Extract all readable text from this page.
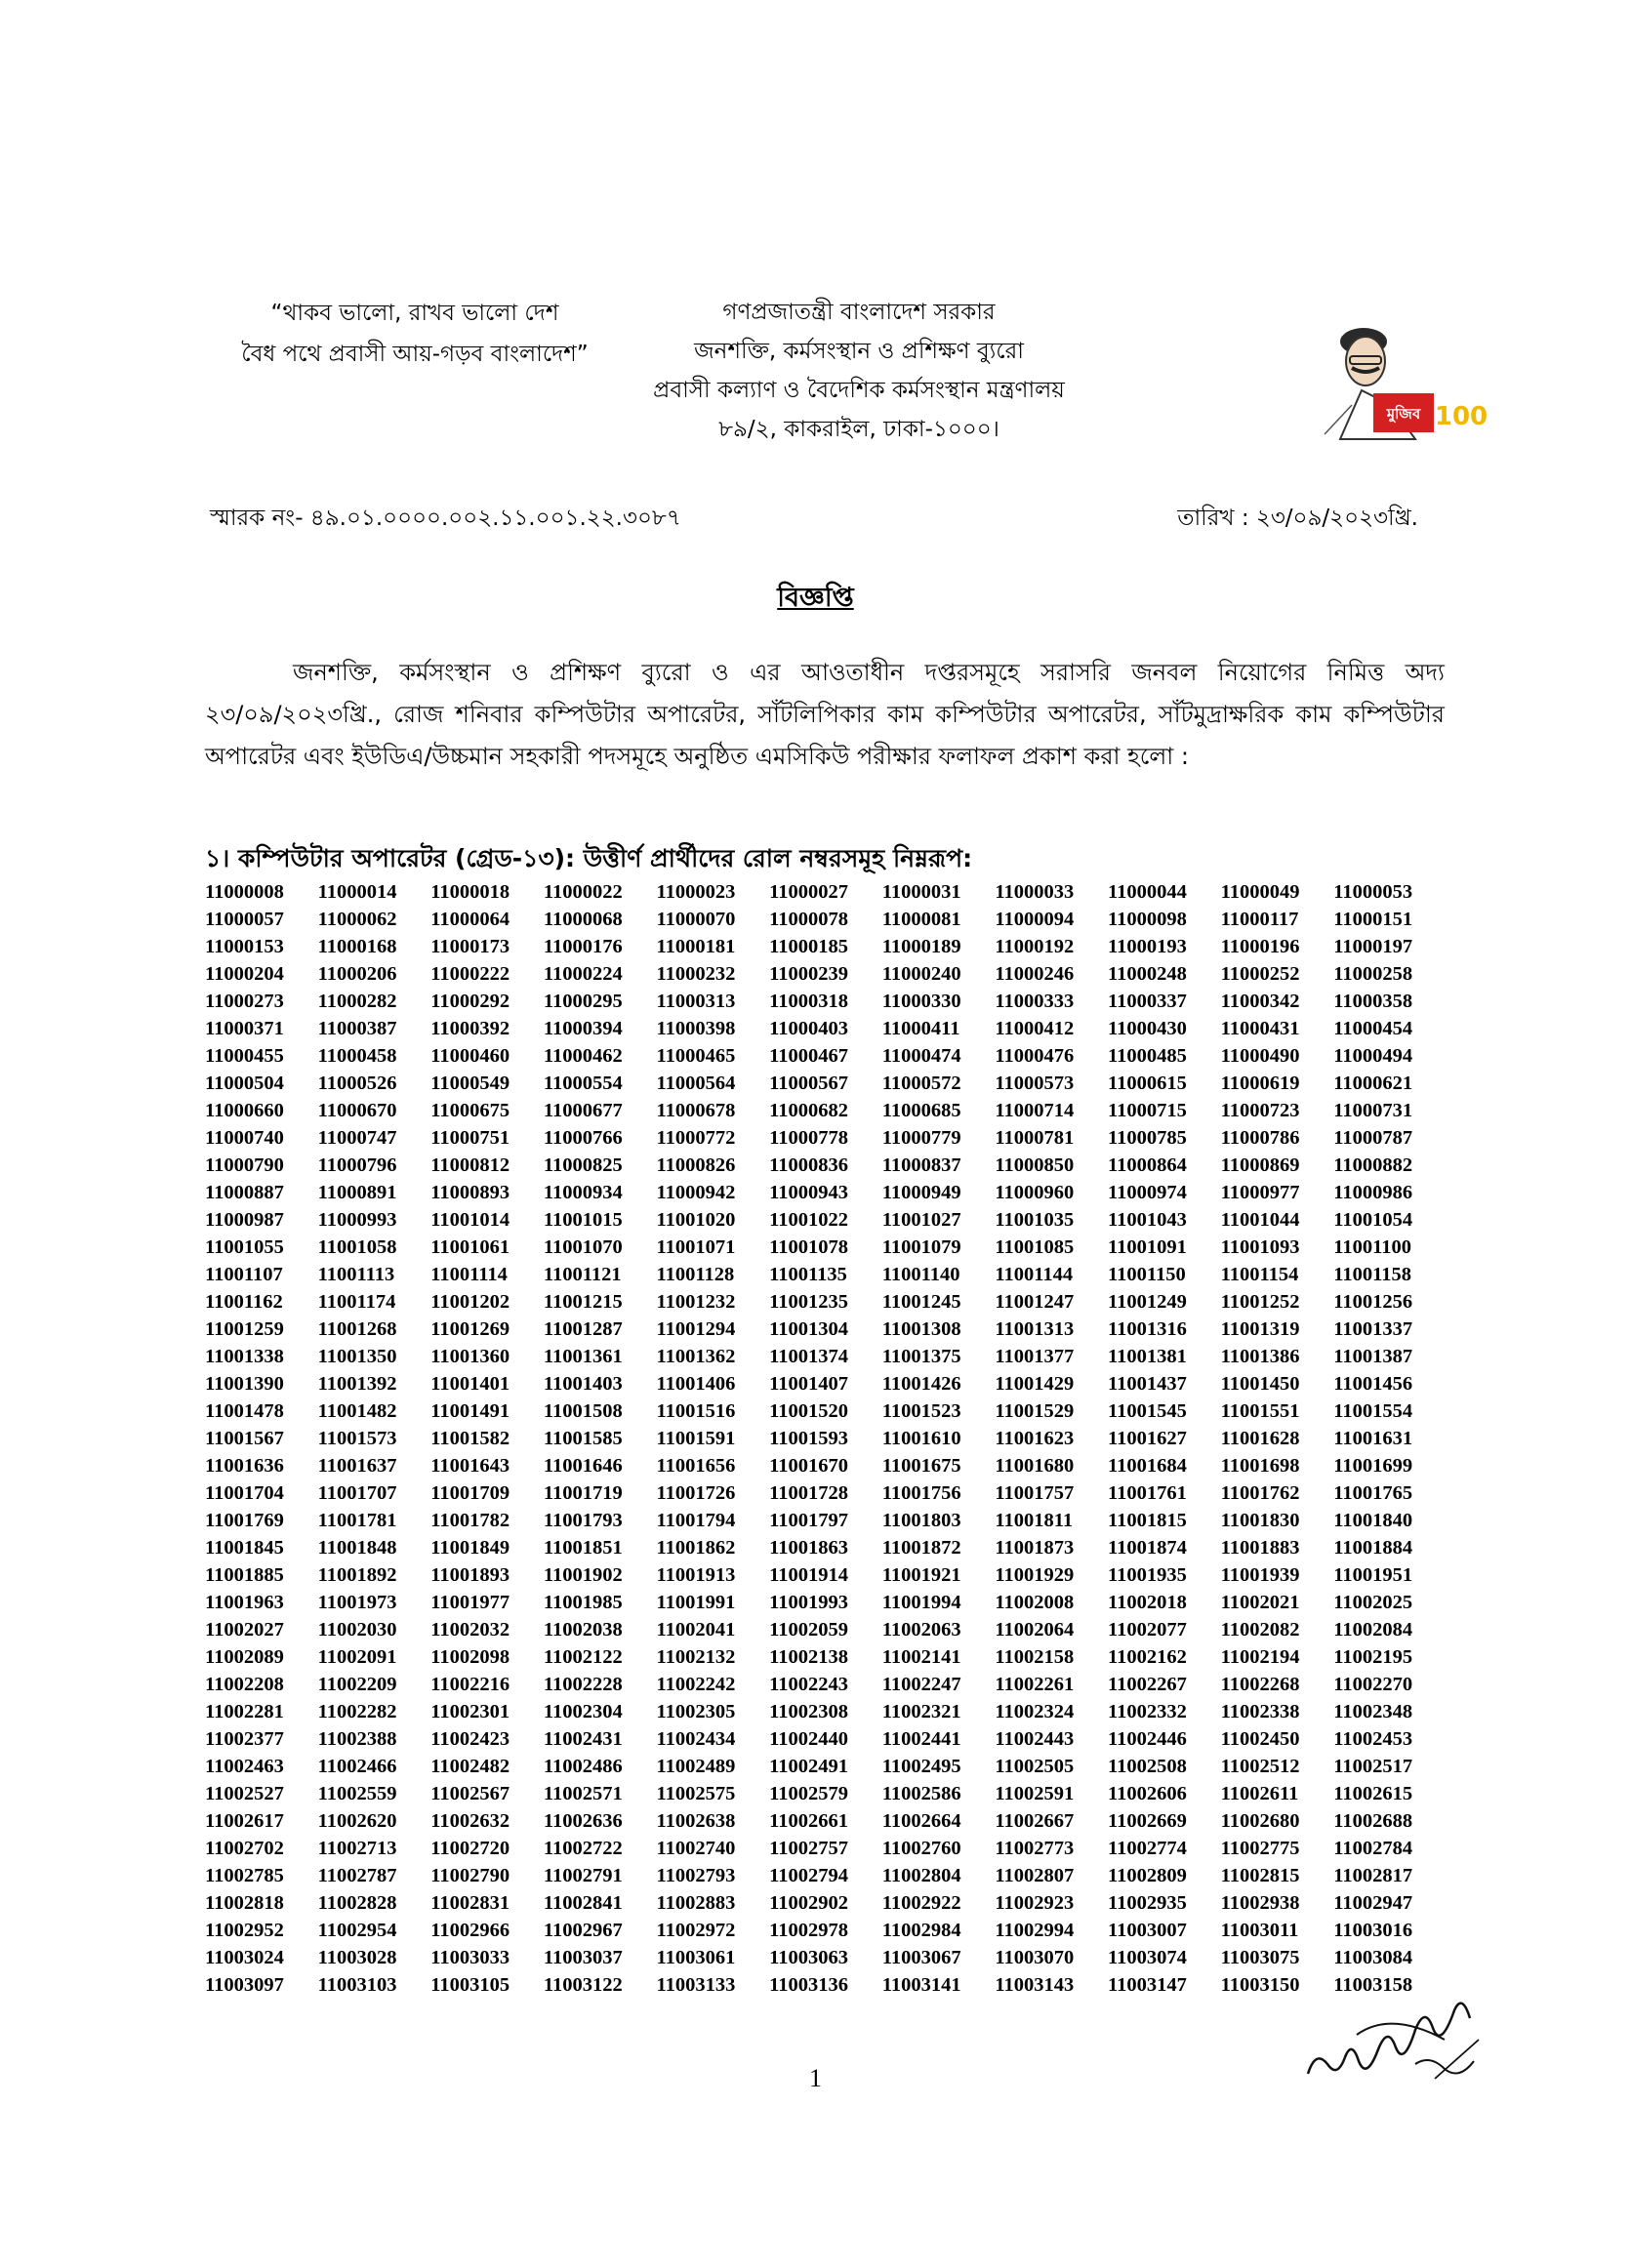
“থাকব ভালো, রাখব ভালো দেশ
বৈধ পথে প্রবাসী আয়-গড়ব বাংলাদেশ”
গণপ্রজাতন্ত্রী বাংলাদেশ সরকার
জনশক্তি, কর্মসংস্থান ও প্রশিক্ষণ ব্যুরো
প্রবাসী কল্যাণ ও বৈদেশিক কর্মসংস্থান মন্ত্রণালয়
৮৯/২, কাকরাইল, ঢাকা-১০০০।
মুজিব 100
স্মারক নং- ৪৯.০১.০০০০.০০২.১১.০০১.২২.৩০৮৭	তারিখ : ২৩/০৯/২০২৩খ্রি.
বিজ্ঞপ্তি
জনশক্তি, কর্মসংস্থান ও প্রশিক্ষণ ব্যুরো ও এর আওতাধীন দপ্তরসমূহে সরাসরি জনবল নিয়োগের নিমিত্ত অদ্য ২৩/০৯/২০২৩খ্রি., রোজ শনিবার কম্পিউটার অপারেটর, সাঁটলিপিকার কাম কম্পিউটার অপারেটর, সাঁটমুদ্রাক্ষরিক কাম কম্পিউটার অপারেটর এবং ইউডিএ/উচ্চমান সহকারী পদসমূহে অনুষ্ঠিত এমসিকিউ পরীক্ষার ফলাফল প্রকাশ করা হলো :
১। কম্পিউটার অপারেটর (গ্রেড-১৩): উত্তীর্ণ প্রার্থীদের রোল নম্বরসমূহ নিম্নরূপ:
11000008	11000014	11000018	11000022	11000023	11000027	11000031	11000033	11000044	11000049	11000053
11000057	11000062	11000064	11000068	11000070	11000078	11000081	11000094	11000098	11000117	11000151
11000153	11000168	11000173	11000176	11000181	11000185	11000189	11000192	11000193	11000196	11000197
11000204	11000206	11000222	11000224	11000232	11000239	11000240	11000246	11000248	11000252	11000258
11000273	11000282	11000292	11000295	11000313	11000318	11000330	11000333	11000337	11000342	11000358
11000371	11000387	11000392	11000394	11000398	11000403	11000411	11000412	11000430	11000431	11000454
11000455	11000458	11000460	11000462	11000465	11000467	11000474	11000476	11000485	11000490	11000494
11000504	11000526	11000549	11000554	11000564	11000567	11000572	11000573	11000615	11000619	11000621
11000660	11000670	11000675	11000677	11000678	11000682	11000685	11000714	11000715	11000723	11000731
11000740	11000747	11000751	11000766	11000772	11000778	11000779	11000781	11000785	11000786	11000787
11000790	11000796	11000812	11000825	11000826	11000836	11000837	11000850	11000864	11000869	11000882
11000887	11000891	11000893	11000934	11000942	11000943	11000949	11000960	11000974	11000977	11000986
11000987	11000993	11001014	11001015	11001020	11001022	11001027	11001035	11001043	11001044	11001054
11001055	11001058	11001061	11001070	11001071	11001078	11001079	11001085	11001091	11001093	11001100
11001107	11001113	11001114	11001121	11001128	11001135	11001140	11001144	11001150	11001154	11001158
11001162	11001174	11001202	11001215	11001232	11001235	11001245	11001247	11001249	11001252	11001256
11001259	11001268	11001269	11001287	11001294	11001304	11001308	11001313	11001316	11001319	11001337
11001338	11001350	11001360	11001361	11001362	11001374	11001375	11001377	11001381	11001386	11001387
11001390	11001392	11001401	11001403	11001406	11001407	11001426	11001429	11001437	11001450	11001456
11001478	11001482	11001491	11001508	11001516	11001520	11001523	11001529	11001545	11001551	11001554
11001567	11001573	11001582	11001585	11001591	11001593	11001610	11001623	11001627	11001628	11001631
11001636	11001637	11001643	11001646	11001656	11001670	11001675	11001680	11001684	11001698	11001699
11001704	11001707	11001709	11001719	11001726	11001728	11001756	11001757	11001761	11001762	11001765
11001769	11001781	11001782	11001793	11001794	11001797	11001803	11001811	11001815	11001830	11001840
11001845	11001848	11001849	11001851	11001862	11001863	11001872	11001873	11001874	11001883	11001884
11001885	11001892	11001893	11001902	11001913	11001914	11001921	11001929	11001935	11001939	11001951
11001963	11001973	11001977	11001985	11001991	11001993	11001994	11002008	11002018	11002021	11002025
11002027	11002030	11002032	11002038	11002041	11002059	11002063	11002064	11002077	11002082	11002084
11002089	11002091	11002098	11002122	11002132	11002138	11002141	11002158	11002162	11002194	11002195
11002208	11002209	11002216	11002228	11002242	11002243	11002247	11002261	11002267	11002268	11002270
11002281	11002282	11002301	11002304	11002305	11002308	11002321	11002324	11002332	11002338	11002348
11002377	11002388	11002423	11002431	11002434	11002440	11002441	11002443	11002446	11002450	11002453
11002463	11002466	11002482	11002486	11002489	11002491	11002495	11002505	11002508	11002512	11002517
11002527	11002559	11002567	11002571	11002575	11002579	11002586	11002591	11002606	11002611	11002615
11002617	11002620	11002632	11002636	11002638	11002661	11002664	11002667	11002669	11002680	11002688
11002702	11002713	11002720	11002722	11002740	11002757	11002760	11002773	11002774	11002775	11002784
11002785	11002787	11002790	11002791	11002793	11002794	11002804	11002807	11002809	11002815	11002817
11002818	11002828	11002831	11002841	11002883	11002902	11002922	11002923	11002935	11002938	11002947
11002952	11002954	11002966	11002967	11002972	11002978	11002984	11002994	11003007	11003011	11003016
11003024	11003028	11003033	11003037	11003061	11003063	11003067	11003070	11003074	11003075	11003084
11003097	11003103	11003105	11003122	11003133	11003136	11003141	11003143	11003147	11003150	11003158
1
